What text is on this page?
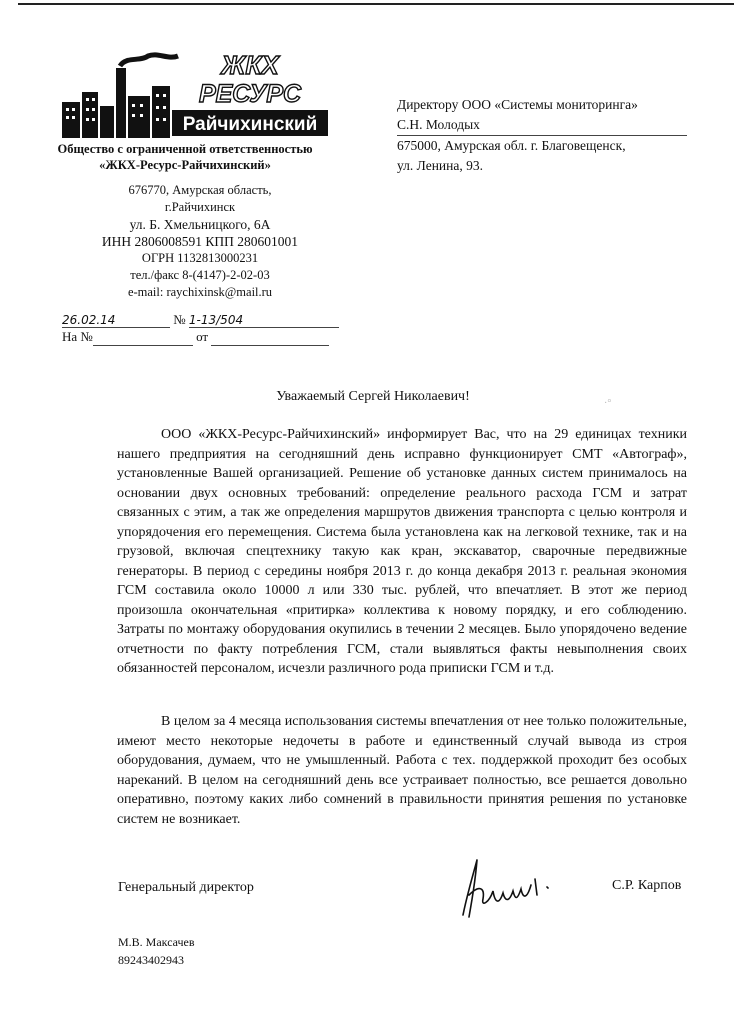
ЖКХ
РЕСУРС
Райчихинский
Общество с ограниченной ответственностью
«ЖКХ-Ресурс-Райчихинский»
676770, Амурская область,
г.Райчихинск
ул. Б. Хмельницкого, 6А
ИНН 2806008591 КПП 280601001
ОГРН 1132813000231
тел./факс 8-(4147)-2-02-03
e-mail: raychixinsk@mail.ru
Директору ООО «Системы мониторинга»
С.Н. Молодых
675000, Амурская обл. г. Благовещенск,
ул. Ленина, 93.
26.02.14	№ 1-13/504
На №	от
·°
Уважаемый Сергей Николаевич!

ООО «ЖКХ-Ресурс-Райчихинский» информирует Вас, что на 29 единицах техники нашего предприятия на сегодняшний день исправно функционирует СМТ «Автограф», установленные Вашей организацией. Решение об установке данных систем принималось на основании двух основных требований: определение реального расхода ГСМ и затрат связанных с этим, а так же определения маршрутов движения транспорта с целью контроля и упорядочения его перемещения. Система была установлена как на легковой технике, так и на грузовой, включая спецтехнику такую как кран, экскаватор, сварочные передвижные генераторы. В период с середины ноября 2013 г. до конца декабря 2013 г. реальная экономия ГСМ составила около 10000 л или 330 тыс. рублей, что впечатляет. В этот же период произошла окончательная «притирка» коллектива к новому порядку, и его соблюдению. Затраты по монтажу оборудования окупились в течении 2 месяцев. Было упорядочено ведение отчетности по факту потребления ГСМ, стали выявляться факты невыполнения своих обязанностей персоналом, исчезли различного рода приписки ГСМ и т.д.

В целом за 4 месяца использования системы впечатления от нее только положительные, имеют место некоторые недочеты в работе и единственный случай вывода из строя оборудования, думаем, что не умышленный. Работа с тех. поддержкой проходит без особых нареканий. В целом на сегодняшний день все устраивает полностью, все решается довольно оперативно, поэтому каких либо сомнений в правильности принятия решения по установке систем не возникает.

Генеральный директор	С.Р. Карпов
М.В. Максачев
89243402943
